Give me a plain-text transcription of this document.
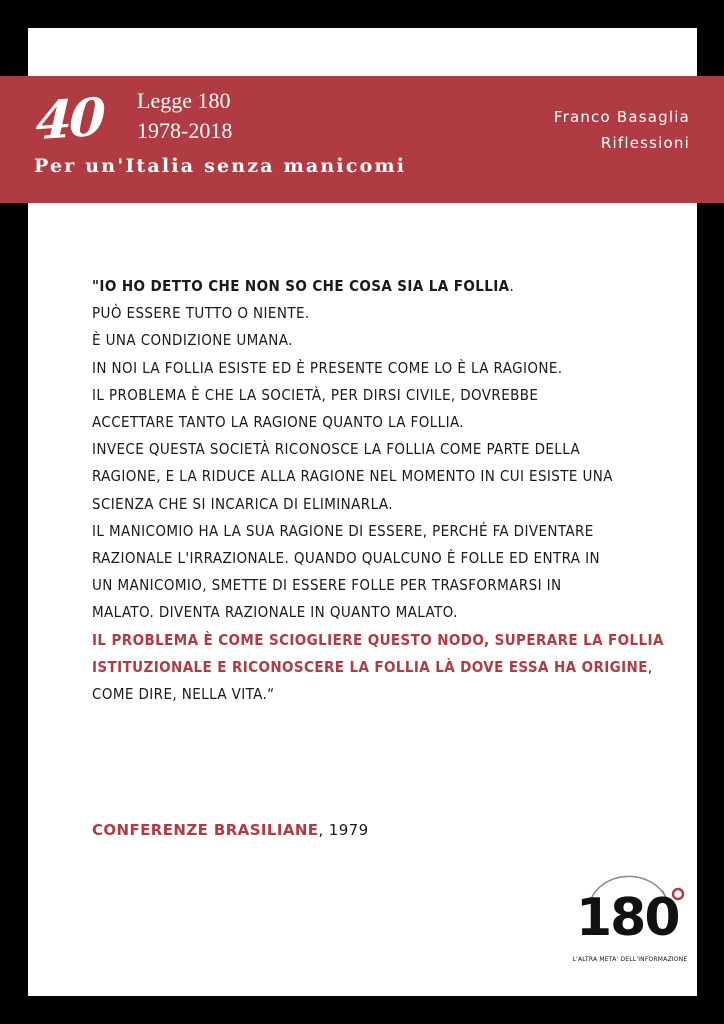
40 Legge 180
1978-2018
Per un'Italia senza manicomi
Franco Basaglia
Riflessioni
"IO HO DETTO CHE NON SO CHE COSA SIA LA FOLLIA.
PUÒ ESSERE TUTTO O NIENTE.
È UNA CONDIZIONE UMANA.
IN NOI LA FOLLIA ESISTE ED È PRESENTE COME LO È LA RAGIONE.
IL PROBLEMA È CHE LA SOCIETÀ, PER DIRSI CIVILE, DOVREBBE
ACCETTARE TANTO LA RAGIONE QUANTO LA FOLLIA.
INVECE QUESTA SOCIETÀ RICONOSCE LA FOLLIA COME PARTE DELLA
RAGIONE, E LA RIDUCE ALLA RAGIONE NEL MOMENTO IN CUI ESISTE UNA
SCIENZA CHE SI INCARICA DI ELIMINARLA.
IL MANICOMIO HA LA SUA RAGIONE DI ESSERE, PERCHÉ FA DIVENTARE
RAZIONALE L'IRRAZIONALE. QUANDO QUALCUNO È FOLLE ED ENTRA IN
UN MANICOMIO, SMETTE DI ESSERE FOLLE PER TRASFORMARSI IN
MALATO. DIVENTA RAZIONALE IN QUANTO MALATO.
IL PROBLEMA È COME SCIOGLIERE QUESTO NODO, SUPERARE LA FOLLIA
ISTITUZIONALE E RICONOSCERE LA FOLLIA LÀ DOVE ESSA HA ORIGINE,
COME DIRE, NELLA VITA.“
CONFERENZE BRASILIANE, 1979
180
L'ALTRA META' DELL'INFORMAZIONE
